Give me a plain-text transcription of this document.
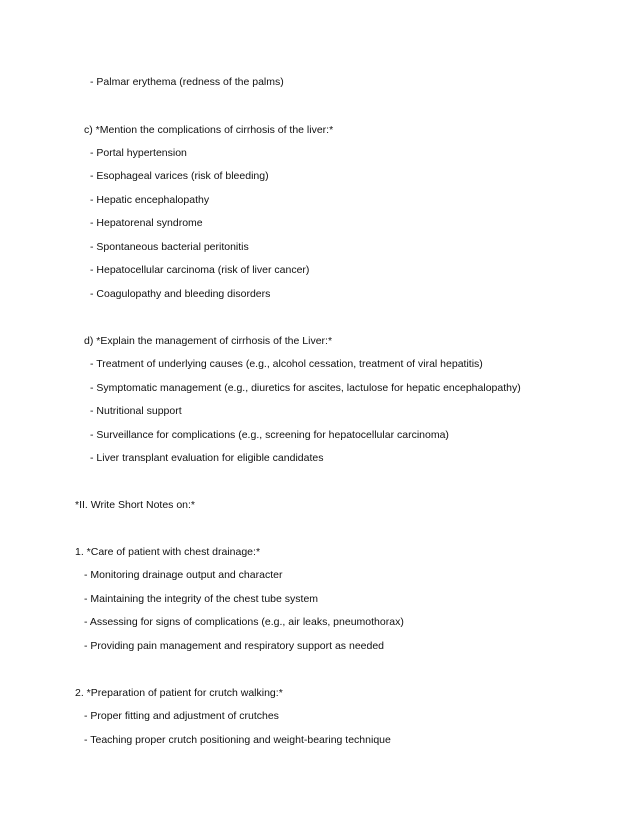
- Palmar erythema (redness of the palms)
c) *Mention the complications of cirrhosis of the liver:*
- Portal hypertension
- Esophageal varices (risk of bleeding)
- Hepatic encephalopathy
- Hepatorenal syndrome
- Spontaneous bacterial peritonitis
- Hepatocellular carcinoma (risk of liver cancer)
- Coagulopathy and bleeding disorders
d) *Explain the management of cirrhosis of the Liver:*
- Treatment of underlying causes (e.g., alcohol cessation, treatment of viral hepatitis)
- Symptomatic management (e.g., diuretics for ascites, lactulose for hepatic encephalopathy)
- Nutritional support
- Surveillance for complications (e.g., screening for hepatocellular carcinoma)
- Liver transplant evaluation for eligible candidates
*II. Write Short Notes on:*
1. *Care of patient with chest drainage:*
- Monitoring drainage output and character
- Maintaining the integrity of the chest tube system
- Assessing for signs of complications (e.g., air leaks, pneumothorax)
- Providing pain management and respiratory support as needed
2. *Preparation of patient for crutch walking:*
- Proper fitting and adjustment of crutches
- Teaching proper crutch positioning and weight-bearing technique
